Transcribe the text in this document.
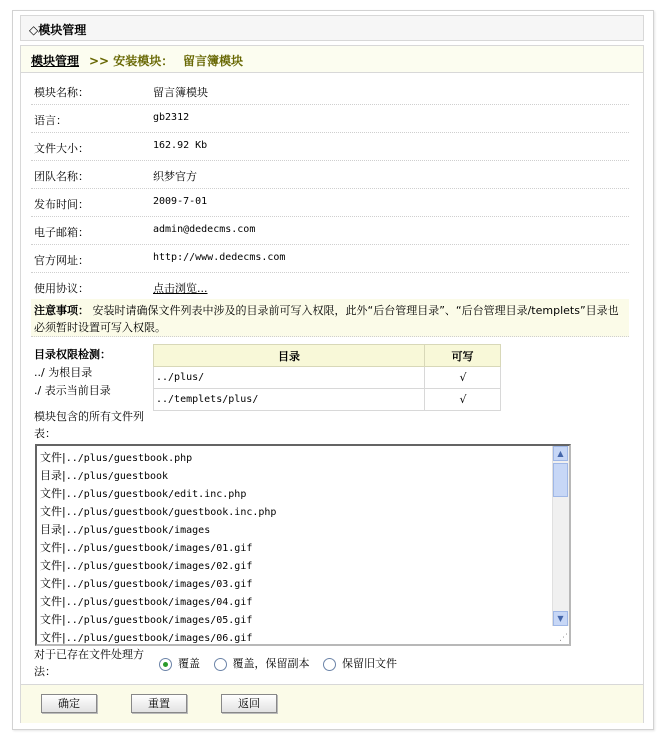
◇模块管理
模块管理 >> 安装模块： 留言簿模块
模块名称：	留言簿模块
语言：	gb2312
文件大小：	162.92 Kb
团队名称：	织梦官方
发布时间：	2009-7-01
电子邮箱：	admin@dedecms.com
官方网址：	http://www.dedecms.com
使用协议：	点击浏览...
注意事项： 安装时请确保文件列表中涉及的目录前可写入权限，此外“后台管理目录”、“后台管理目录/templets”目录也必须暂时设置可写入权限。
目录权限检测：
../ 为根目录
./ 表示当前目录
目录	可写
../plus/	√
../templets/plus/	√
模块包含的所有文件列表：
文件|../plus/guestbook.php
目录|../plus/guestbook
文件|../plus/guestbook/edit.inc.php
文件|../plus/guestbook/guestbook.inc.php
目录|../plus/guestbook/images
文件|../plus/guestbook/images/01.gif
文件|../plus/guestbook/images/02.gif
文件|../plus/guestbook/images/03.gif
文件|../plus/guestbook/images/04.gif
文件|../plus/guestbook/images/05.gif
文件|../plus/guestbook/images/06.gif
▲
▼
⋰
对于已存在文件处理方法：
覆盖	覆盖，保留副本	保留旧文件
确定	重置	返回
